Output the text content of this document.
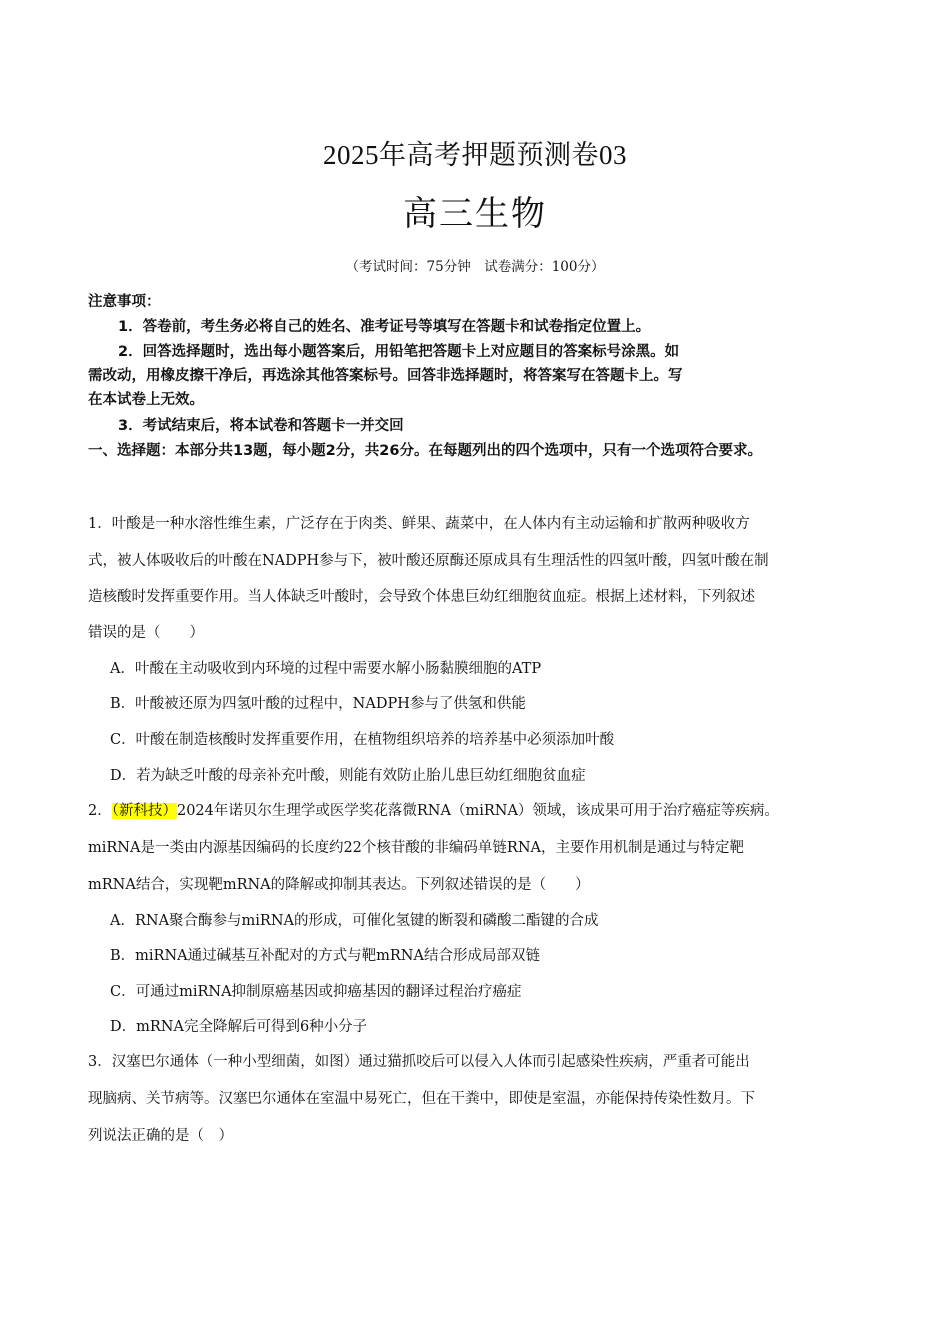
2025年高考押题预测卷03
高三生物
（考试时间：75分钟　试卷满分：100分）
注意事项：
1．答卷前，考生务必将自己的姓名、准考证号等填写在答题卡和试卷指定位置上。
2．回答选择题时，选出每小题答案后，用铅笔把答题卡上对应题目的答案标号涂黑。如
需改动，用橡皮擦干净后，再选涂其他答案标号。回答非选择题时，将答案写在答题卡上。写
在本试卷上无效。
3．考试结束后，将本试卷和答题卡一并交回
一、选择题：本部分共13题，每小题2分，共26分。在每题列出的四个选项中，只有一个选项符合要求。
1．叶酸是一种水溶性维生素，广泛存在于肉类、鲜果、蔬菜中，在人体内有主动运输和扩散两种吸收方
式，被人体吸收后的叶酸在NADPH参与下，被叶酸还原酶还原成具有生理活性的四氢叶酸，四氢叶酸在制
造核酸时发挥重要作用。当人体缺乏叶酸时，会导致个体患巨幼红细胞贫血症。根据上述材料，下列叙述
错误的是（　　）
A．叶酸在主动吸收到内环境的过程中需要水解小肠黏膜细胞的ATP
B．叶酸被还原为四氢叶酸的过程中，NADPH参与了供氢和供能
C．叶酸在制造核酸时发挥重要作用，在植物组织培养的培养基中必须添加叶酸
D．若为缺乏叶酸的母亲补充叶酸，则能有效防止胎儿患巨幼红细胞贫血症
2．（新科技）2024年诺贝尔生理学或医学奖花落微RNA（miRNA）领域，该成果可用于治疗癌症等疾病。
miRNA是一类由内源基因编码的长度约22个核苷酸的非编码单链RNA，主要作用机制是通过与特定靶
mRNA结合，实现靶mRNA的降解或抑制其表达。下列叙述错误的是（　　）
A．RNA聚合酶参与miRNA的形成，可催化氢键的断裂和磷酸二酯键的合成
B．miRNA通过碱基互补配对的方式与靶mRNA结合形成局部双链
C．可通过miRNA抑制原癌基因或抑癌基因的翻译过程治疗癌症
D．mRNA完全降解后可得到6种小分子
3．汉塞巴尔通体（一种小型细菌，如图）通过猫抓咬后可以侵入人体而引起感染性疾病，严重者可能出
现脑病、关节病等。汉塞巴尔通体在室温中易死亡，但在干粪中，即使是室温，亦能保持传染性数月。下
列说法正确的是（　）
